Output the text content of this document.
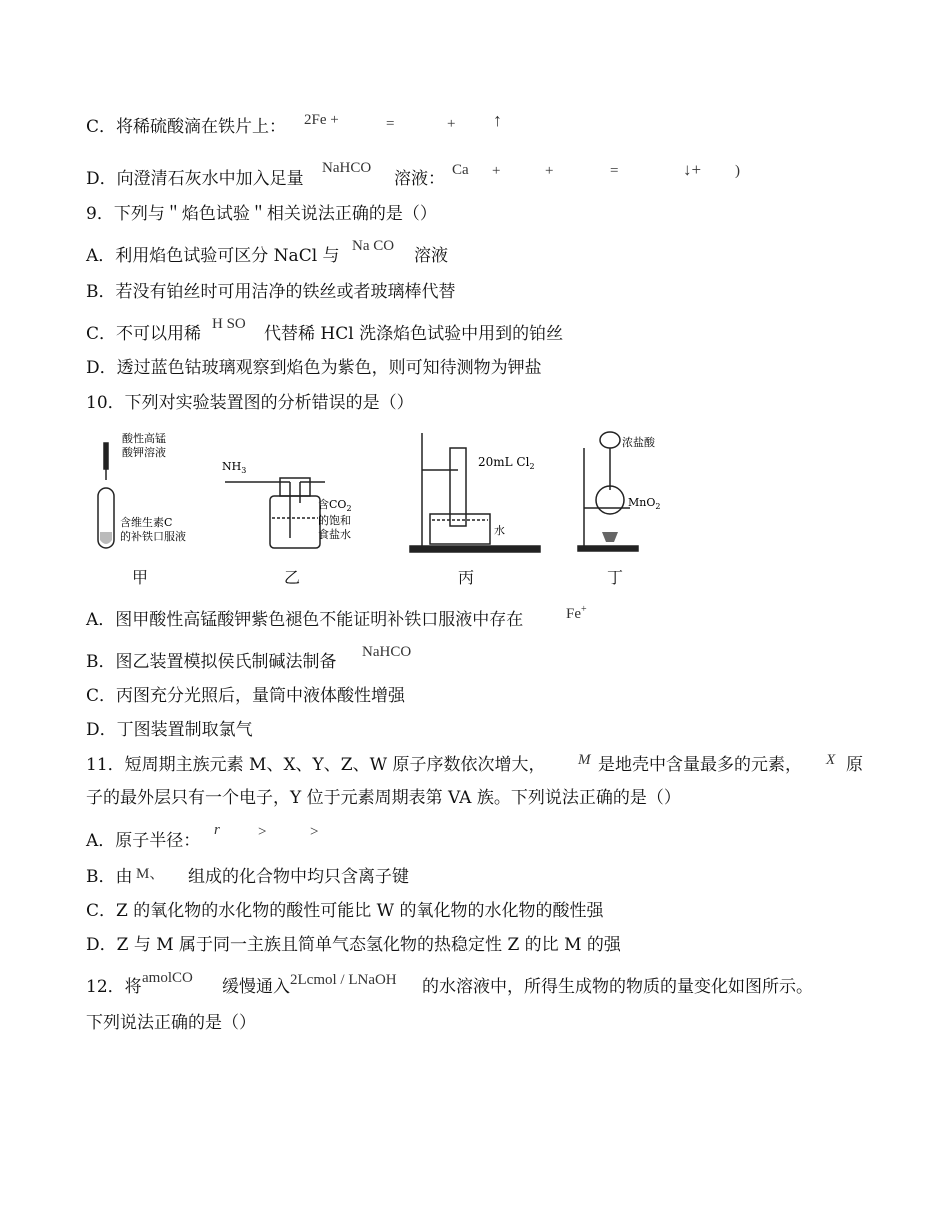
C．将稀硫酸滴在铁片上： 2Fe +	=	+ ↑
D．向澄清石灰水中加入足量
NaHCO
溶液： Ca +	+	=	↓+ )
9．下列与＂焰色试验＂相关说法正确的是（）
A．利用焰色试验可区分 NaCl 与 Na CO 溶液
B．若没有铂丝时可用洁净的铁丝或者玻璃棒代替
C．不可以用稀 H SO 代替稀 HCl 洗涤焰色试验中用到的铂丝
D．透过蓝色钴玻璃观察到焰色为紫色，则可知待测物为钾盐
10．下列对实验装置图的分析错误的是（）
酸性高锰
酸钾溶液
含维生素C
的补铁口服液
$NH_3$
含$CO_2$
的饱和
食盐水
20mL $Cl_2$
水
浓盐酸
MnO$_2$
甲	乙	丙	丁
A．图甲酸性高锰酸钾紫色褪色不能证明补铁口服液中存在	Fe+
B．图乙装置模拟侯氏制碱法制备 NaHCO
C．丙图充分光照后，量筒中液体酸性增强
D．丁图装置制取氯气
11．短周期主族元素 M、X、Y、Z、W 原子序数依次增大， M 是地壳中含量最多的元素， X 原
子的最外层只有一个电子，Y 位于元素周期表第 VA 族。下列说法正确的是（）
A．原子半径：
r	>	>
B．由 M、 组成的化合物中均只含离子键
C．Z 的氧化物的水化物的酸性可能比 W 的氧化物的水化物的酸性强
D．Z 与 M 属于同一主族且简单气态氢化物的热稳定性 Z 的比 M 的强
12．将 amolCO 缓慢通入 2Lcmol / LNaOH 的水溶液中，所得生成物的物质的量变化如图所示。
下列说法正确的是（）
